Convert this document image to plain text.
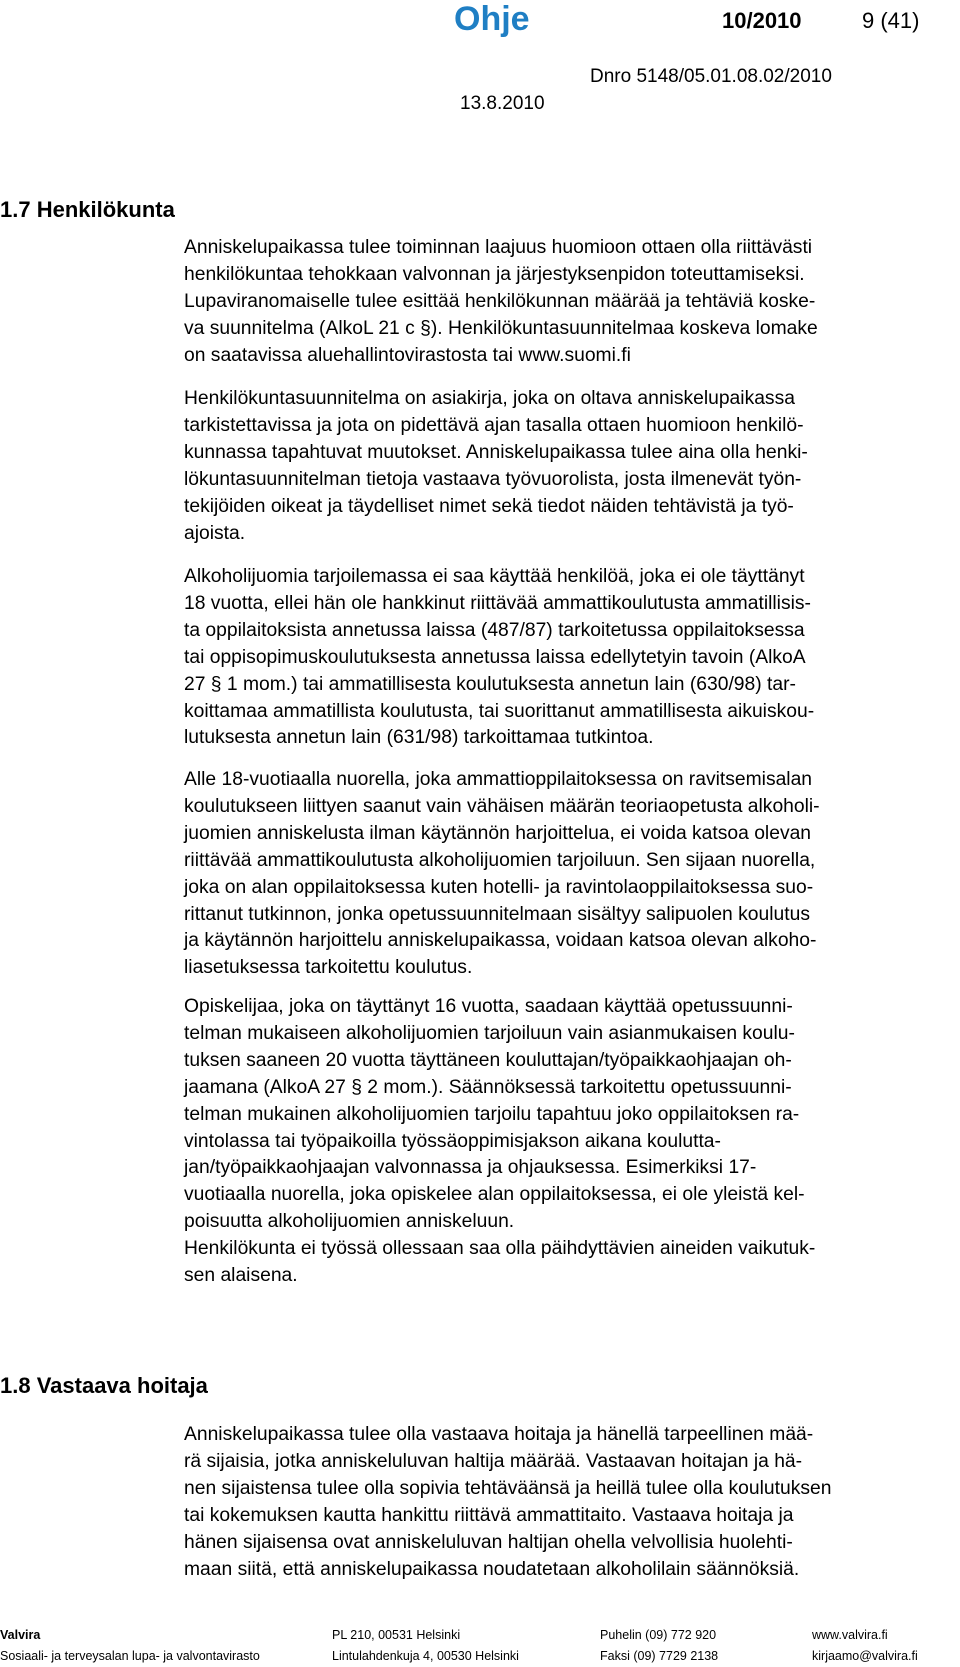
Ohje	10/2010	9 (41)
Dnro 5148/05.01.08.02/2010
13.8.2010
1.7 Henkilökunta
Anniskelupaikassa tulee toiminnan laajuus huomioon ottaen olla riittävästi
henkilökuntaa tehokkaan valvonnan ja järjestyksenpidon toteuttamiseksi.
Lupaviranomaiselle tulee esittää henkilökunnan määrää ja tehtäviä koske-
va suunnitelma (AlkoL 21 c §). Henkilökuntasuunnitelmaa koskeva lomake
on saatavissa aluehallintovirastosta tai www.suomi.fi
Henkilökuntasuunnitelma on asiakirja, joka on oltava anniskelupaikassa
tarkistettavissa ja jota on pidettävä ajan tasalla ottaen huomioon henkilö-
kunnassa tapahtuvat muutokset. Anniskelupaikassa tulee aina olla henki-
lökuntasuunnitelman tietoja vastaava työvuorolista, josta ilmenevät työn-
tekijöiden oikeat ja täydelliset nimet sekä tiedot näiden tehtävistä ja työ-
ajoista.
Alkoholijuomia tarjoilemassa ei saa käyttää henkilöä, joka ei ole täyttänyt
18 vuotta, ellei hän ole hankkinut riittävää ammattikoulutusta ammatillisis-
ta oppilaitoksista annetussa laissa (487/87) tarkoitetussa oppilaitoksessa
tai oppisopimuskoulutuksesta annetussa laissa edellytetyin tavoin (AlkoA
27 § 1 mom.) tai ammatillisesta koulutuksesta annetun lain (630/98) tar-
koittamaa ammatillista koulutusta, tai suorittanut ammatillisesta aikuiskou-
lutuksesta annetun lain (631/98) tarkoittamaa tutkintoa.
Alle 18-vuotiaalla nuorella, joka ammattioppilaitoksessa on ravitsemisalan
koulutukseen liittyen saanut vain vähäisen määrän teoriaopetusta alkoholi-
juomien anniskelusta ilman käytännön harjoittelua, ei voida katsoa olevan
riittävää ammattikoulutusta alkoholijuomien tarjoiluun. Sen sijaan nuorella,
joka on alan oppilaitoksessa kuten hotelli- ja ravintolaoppilaitoksessa suo-
rittanut tutkinnon, jonka opetussuunnitelmaan sisältyy salipuolen koulutus
ja käytännön harjoittelu anniskelupaikassa, voidaan katsoa olevan alkoho-
liasetuksessa tarkoitettu koulutus.
Opiskelijaa, joka on täyttänyt 16 vuotta, saadaan käyttää opetussuunni-
telman mukaiseen alkoholijuomien tarjoiluun vain asianmukaisen koulu-
tuksen saaneen 20 vuotta täyttäneen kouluttajan/työpaikkaohjaajan oh-
jaamana (AlkoA 27 § 2 mom.). Säännöksessä tarkoitettu opetussuunni-
telman mukainen alkoholijuomien tarjoilu tapahtuu joko oppilaitoksen ra-
vintolassa tai työpaikoilla työssäoppimisjakson aikana koulutta-
jan/työpaikkaohjaajan valvonnassa ja ohjauksessa. Esimerkiksi 17-
vuotiaalla nuorella, joka opiskelee alan oppilaitoksessa, ei ole yleistä kel-
poisuutta alkoholijuomien anniskeluun.
Henkilökunta ei työssä ollessaan saa olla päihdyttävien aineiden vaikutuk-
sen alaisena.
1.8 Vastaava hoitaja
Anniskelupaikassa tulee olla vastaava hoitaja ja hänellä tarpeellinen mää-
rä sijaisia, jotka anniskeluluvan haltija määrää. Vastaavan hoitajan ja hä-
nen sijaistensa tulee olla sopivia tehtäväänsä ja heillä tulee olla koulutuksen
tai kokemuksen kautta hankittu riittävä ammattitaito. Vastaava hoitaja ja
hänen sijaisensa ovat anniskeluluvan haltijan ohella velvollisia huolehti-
maan siitä, että anniskelupaikassa noudatetaan alkoholilain säännöksiä.
Valvira
Sosiaali- ja terveysalan lupa- ja valvontavirasto
PL 210, 00531 Helsinki
Lintulahdenkuja 4, 00530 Helsinki
Puhelin (09) 772 920
Faksi (09) 7729 2138
www.valvira.fi
kirjaamo@valvira.fi
